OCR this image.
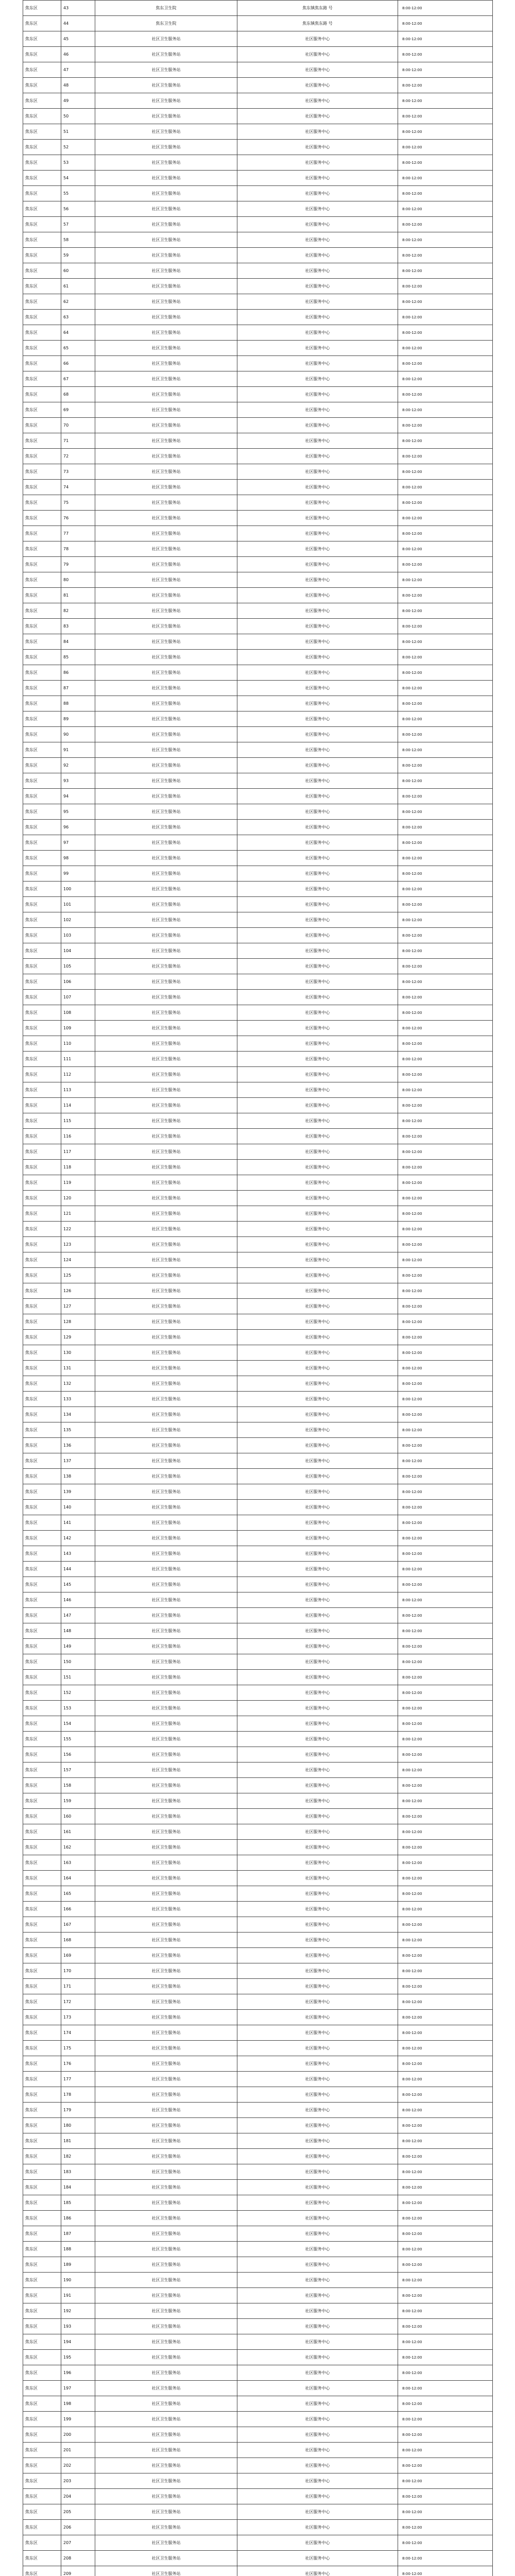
焦东区	43	焦东卫生院	焦东镇焦东路 号	8:00-12:00
焦东区	44	焦东卫生院	焦东镇焦东路 号	8:00-12:00
焦东区	45	社区卫生服务站	社区服务中心	8:00-12:00
焦东区	46	社区卫生服务站	社区服务中心	8:00-12:00
焦东区	47	社区卫生服务站	社区服务中心	8:00-12:00
焦东区	48	社区卫生服务站	社区服务中心	8:00-12:00
焦东区	49	社区卫生服务站	社区服务中心	8:00-12:00
焦东区	50	社区卫生服务站	社区服务中心	8:00-12:00
焦东区	51	社区卫生服务站	社区服务中心	8:00-12:00
焦东区	52	社区卫生服务站	社区服务中心	8:00-12:00
焦东区	53	社区卫生服务站	社区服务中心	8:00-12:00
焦东区	54	社区卫生服务站	社区服务中心	8:00-12:00
焦东区	55	社区卫生服务站	社区服务中心	8:00-12:00
焦东区	56	社区卫生服务站	社区服务中心	8:00-12:00
焦东区	57	社区卫生服务站	社区服务中心	8:00-12:00
焦东区	58	社区卫生服务站	社区服务中心	8:00-12:00
焦东区	59	社区卫生服务站	社区服务中心	8:00-12:00
焦东区	60	社区卫生服务站	社区服务中心	8:00-12:00
焦东区	61	社区卫生服务站	社区服务中心	8:00-12:00
焦东区	62	社区卫生服务站	社区服务中心	8:00-12:00
焦东区	63	社区卫生服务站	社区服务中心	8:00-12:00
焦东区	64	社区卫生服务站	社区服务中心	8:00-12:00
焦东区	65	社区卫生服务站	社区服务中心	8:00-12:00
焦东区	66	社区卫生服务站	社区服务中心	8:00-12:00
焦东区	67	社区卫生服务站	社区服务中心	8:00-12:00
焦东区	68	社区卫生服务站	社区服务中心	8:00-12:00
焦东区	69	社区卫生服务站	社区服务中心	8:00-12:00
焦东区	70	社区卫生服务站	社区服务中心	8:00-12:00
焦东区	71	社区卫生服务站	社区服务中心	8:00-12:00
焦东区	72	社区卫生服务站	社区服务中心	8:00-12:00
焦东区	73	社区卫生服务站	社区服务中心	8:00-12:00
焦东区	74	社区卫生服务站	社区服务中心	8:00-12:00
焦东区	75	社区卫生服务站	社区服务中心	8:00-12:00
焦东区	76	社区卫生服务站	社区服务中心	8:00-12:00
焦东区	77	社区卫生服务站	社区服务中心	8:00-12:00
焦东区	78	社区卫生服务站	社区服务中心	8:00-12:00
焦东区	79	社区卫生服务站	社区服务中心	8:00-12:00
焦东区	80	社区卫生服务站	社区服务中心	8:00-12:00
焦东区	81	社区卫生服务站	社区服务中心	8:00-12:00
焦东区	82	社区卫生服务站	社区服务中心	8:00-12:00
焦东区	83	社区卫生服务站	社区服务中心	8:00-12:00
焦东区	84	社区卫生服务站	社区服务中心	8:00-12:00
焦东区	85	社区卫生服务站	社区服务中心	8:00-12:00
焦东区	86	社区卫生服务站	社区服务中心	8:00-12:00
焦东区	87	社区卫生服务站	社区服务中心	8:00-12:00
焦东区	88	社区卫生服务站	社区服务中心	8:00-12:00
焦东区	89	社区卫生服务站	社区服务中心	8:00-12:00
焦东区	90	社区卫生服务站	社区服务中心	8:00-12:00
焦东区	91	社区卫生服务站	社区服务中心	8:00-12:00
焦东区	92	社区卫生服务站	社区服务中心	8:00-12:00
焦东区	93	社区卫生服务站	社区服务中心	8:00-12:00
焦东区	94	社区卫生服务站	社区服务中心	8:00-12:00
焦东区	95	社区卫生服务站	社区服务中心	8:00-12:00
焦东区	96	社区卫生服务站	社区服务中心	8:00-12:00
焦东区	97	社区卫生服务站	社区服务中心	8:00-12:00
焦东区	98	社区卫生服务站	社区服务中心	8:00-12:00
焦东区	99	社区卫生服务站	社区服务中心	8:00-12:00
焦东区	100	社区卫生服务站	社区服务中心	8:00-12:00
焦东区	101	社区卫生服务站	社区服务中心	8:00-12:00
焦东区	102	社区卫生服务站	社区服务中心	8:00-12:00
焦东区	103	社区卫生服务站	社区服务中心	8:00-12:00
焦东区	104	社区卫生服务站	社区服务中心	8:00-12:00
焦东区	105	社区卫生服务站	社区服务中心	8:00-12:00
焦东区	106	社区卫生服务站	社区服务中心	8:00-12:00
焦东区	107	社区卫生服务站	社区服务中心	8:00-12:00
焦东区	108	社区卫生服务站	社区服务中心	8:00-12:00
焦东区	109	社区卫生服务站	社区服务中心	8:00-12:00
焦东区	110	社区卫生服务站	社区服务中心	8:00-12:00
焦东区	111	社区卫生服务站	社区服务中心	8:00-12:00
焦东区	112	社区卫生服务站	社区服务中心	8:00-12:00
焦东区	113	社区卫生服务站	社区服务中心	8:00-12:00
焦东区	114	社区卫生服务站	社区服务中心	8:00-12:00
焦东区	115	社区卫生服务站	社区服务中心	8:00-12:00
焦东区	116	社区卫生服务站	社区服务中心	8:00-12:00
焦东区	117	社区卫生服务站	社区服务中心	8:00-12:00
焦东区	118	社区卫生服务站	社区服务中心	8:00-12:00
焦东区	119	社区卫生服务站	社区服务中心	8:00-12:00
焦东区	120	社区卫生服务站	社区服务中心	8:00-12:00
焦东区	121	社区卫生服务站	社区服务中心	8:00-12:00
焦东区	122	社区卫生服务站	社区服务中心	8:00-12:00
焦东区	123	社区卫生服务站	社区服务中心	8:00-12:00
焦东区	124	社区卫生服务站	社区服务中心	8:00-12:00
焦东区	125	社区卫生服务站	社区服务中心	8:00-12:00
焦东区	126	社区卫生服务站	社区服务中心	8:00-12:00
焦东区	127	社区卫生服务站	社区服务中心	8:00-12:00
焦东区	128	社区卫生服务站	社区服务中心	8:00-12:00
焦东区	129	社区卫生服务站	社区服务中心	8:00-12:00
焦东区	130	社区卫生服务站	社区服务中心	8:00-12:00
焦东区	131	社区卫生服务站	社区服务中心	8:00-12:00
焦东区	132	社区卫生服务站	社区服务中心	8:00-12:00
焦东区	133	社区卫生服务站	社区服务中心	8:00-12:00
焦东区	134	社区卫生服务站	社区服务中心	8:00-12:00
焦东区	135	社区卫生服务站	社区服务中心	8:00-12:00
焦东区	136	社区卫生服务站	社区服务中心	8:00-12:00
焦东区	137	社区卫生服务站	社区服务中心	8:00-12:00
焦东区	138	社区卫生服务站	社区服务中心	8:00-12:00
焦东区	139	社区卫生服务站	社区服务中心	8:00-12:00
焦东区	140	社区卫生服务站	社区服务中心	8:00-12:00
焦东区	141	社区卫生服务站	社区服务中心	8:00-12:00
焦东区	142	社区卫生服务站	社区服务中心	8:00-12:00
焦东区	143	社区卫生服务站	社区服务中心	8:00-12:00
焦东区	144	社区卫生服务站	社区服务中心	8:00-12:00
焦东区	145	社区卫生服务站	社区服务中心	8:00-12:00
焦东区	146	社区卫生服务站	社区服务中心	8:00-12:00
焦东区	147	社区卫生服务站	社区服务中心	8:00-12:00
焦东区	148	社区卫生服务站	社区服务中心	8:00-12:00
焦东区	149	社区卫生服务站	社区服务中心	8:00-12:00
焦东区	150	社区卫生服务站	社区服务中心	8:00-12:00
焦东区	151	社区卫生服务站	社区服务中心	8:00-12:00
焦东区	152	社区卫生服务站	社区服务中心	8:00-12:00
焦东区	153	社区卫生服务站	社区服务中心	8:00-12:00
焦东区	154	社区卫生服务站	社区服务中心	8:00-12:00
焦东区	155	社区卫生服务站	社区服务中心	8:00-12:00
焦东区	156	社区卫生服务站	社区服务中心	8:00-12:00
焦东区	157	社区卫生服务站	社区服务中心	8:00-12:00
焦东区	158	社区卫生服务站	社区服务中心	8:00-12:00
焦东区	159	社区卫生服务站	社区服务中心	8:00-12:00
焦东区	160	社区卫生服务站	社区服务中心	8:00-12:00
焦东区	161	社区卫生服务站	社区服务中心	8:00-12:00
焦东区	162	社区卫生服务站	社区服务中心	8:00-12:00
焦东区	163	社区卫生服务站	社区服务中心	8:00-12:00
焦东区	164	社区卫生服务站	社区服务中心	8:00-12:00
焦东区	165	社区卫生服务站	社区服务中心	8:00-12:00
焦东区	166	社区卫生服务站	社区服务中心	8:00-12:00
焦东区	167	社区卫生服务站	社区服务中心	8:00-12:00
焦东区	168	社区卫生服务站	社区服务中心	8:00-12:00
焦东区	169	社区卫生服务站	社区服务中心	8:00-12:00
焦东区	170	社区卫生服务站	社区服务中心	8:00-12:00
焦东区	171	社区卫生服务站	社区服务中心	8:00-12:00
焦东区	172	社区卫生服务站	社区服务中心	8:00-12:00
焦东区	173	社区卫生服务站	社区服务中心	8:00-12:00
焦东区	174	社区卫生服务站	社区服务中心	8:00-12:00
焦东区	175	社区卫生服务站	社区服务中心	8:00-12:00
焦东区	176	社区卫生服务站	社区服务中心	8:00-12:00
焦东区	177	社区卫生服务站	社区服务中心	8:00-12:00
焦东区	178	社区卫生服务站	社区服务中心	8:00-12:00
焦东区	179	社区卫生服务站	社区服务中心	8:00-12:00
焦东区	180	社区卫生服务站	社区服务中心	8:00-12:00
焦东区	181	社区卫生服务站	社区服务中心	8:00-12:00
焦东区	182	社区卫生服务站	社区服务中心	8:00-12:00
焦东区	183	社区卫生服务站	社区服务中心	8:00-12:00
焦东区	184	社区卫生服务站	社区服务中心	8:00-12:00
焦东区	185	社区卫生服务站	社区服务中心	8:00-12:00
焦东区	186	社区卫生服务站	社区服务中心	8:00-12:00
焦东区	187	社区卫生服务站	社区服务中心	8:00-12:00
焦东区	188	社区卫生服务站	社区服务中心	8:00-12:00
焦东区	189	社区卫生服务站	社区服务中心	8:00-12:00
焦东区	190	社区卫生服务站	社区服务中心	8:00-12:00
焦东区	191	社区卫生服务站	社区服务中心	8:00-12:00
焦东区	192	社区卫生服务站	社区服务中心	8:00-12:00
焦东区	193	社区卫生服务站	社区服务中心	8:00-12:00
焦东区	194	社区卫生服务站	社区服务中心	8:00-12:00
焦东区	195	社区卫生服务站	社区服务中心	8:00-12:00
焦东区	196	社区卫生服务站	社区服务中心	8:00-12:00
焦东区	197	社区卫生服务站	社区服务中心	8:00-12:00
焦东区	198	社区卫生服务站	社区服务中心	8:00-12:00
焦东区	199	社区卫生服务站	社区服务中心	8:00-12:00
焦东区	200	社区卫生服务站	社区服务中心	8:00-12:00
焦东区	201	社区卫生服务站	社区服务中心	8:00-12:00
焦东区	202	社区卫生服务站	社区服务中心	8:00-12:00
焦东区	203	社区卫生服务站	社区服务中心	8:00-12:00
焦东区	204	社区卫生服务站	社区服务中心	8:00-12:00
焦东区	205	社区卫生服务站	社区服务中心	8:00-12:00
焦东区	206	社区卫生服务站	社区服务中心	8:00-12:00
焦东区	207	社区卫生服务站	社区服务中心	8:00-12:00
焦东区	208	社区卫生服务站	社区服务中心	8:00-12:00
焦东区	209	社区卫生服务站	社区服务中心	8:00-12:00
